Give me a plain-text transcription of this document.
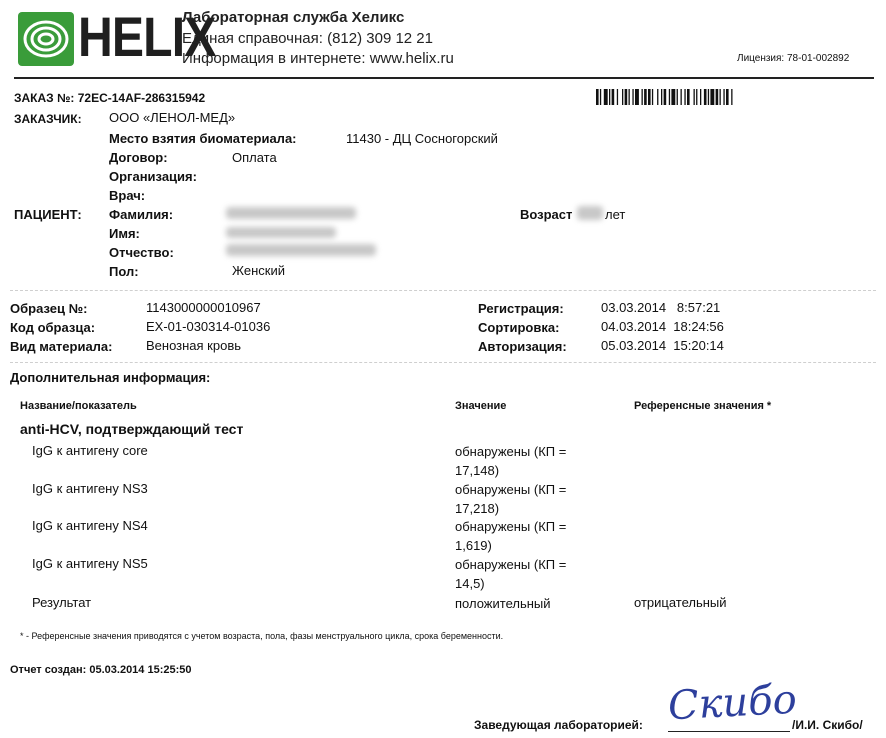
HELIX
Лабораторная служба Хеликс
Единая справочная: (812) 309 12 21
Информация в интернете: www.helix.ru	Лицензия: 78-01-002892
ЗАКАЗ №: 72EC-14AF-286315942
ЗАКАЗЧИК: ООО «ЛЕНОЛ-МЕД»
Место взятия биоматериала:	11430 - ДЦ Сосногорский
Договор:	Оплата
Организация:
Врач:
ПАЦИЕНТ: Фамилия:
Имя:
Отчество:
Пол:	Женский
Возраст	лет
Образец №:	1143000000010967
Код образца:	EX-01-030314-01036
Вид материала:	Венозная кровь
Регистрация:	03.03.2014   8:57:21
Сортировка:	04.03.2014  18:24:56
Авторизация:	05.03.2014  15:20:14
Дополнительная информация:
Название/показатель	Значение	Референсные значения *
anti-HCV, подтверждающий тест
IgG к антигену core	обнаружены (КП =
17,148)
IgG к антигену NS3	обнаружены (КП =
17,218)
IgG к антигену NS4	обнаружены (КП =
1,619)
IgG к антигену NS5	обнаружены (КП =
14,5)
Результат	положительный	отрицательный
* - Референсные значения приводятся с учетом возраста, пола, фазы менструального цикла, срока беременности.
Отчет создан: 05.03.2014 15:25:50
Заведующая лабораторией: Скибо
/И.И. Скибо/
